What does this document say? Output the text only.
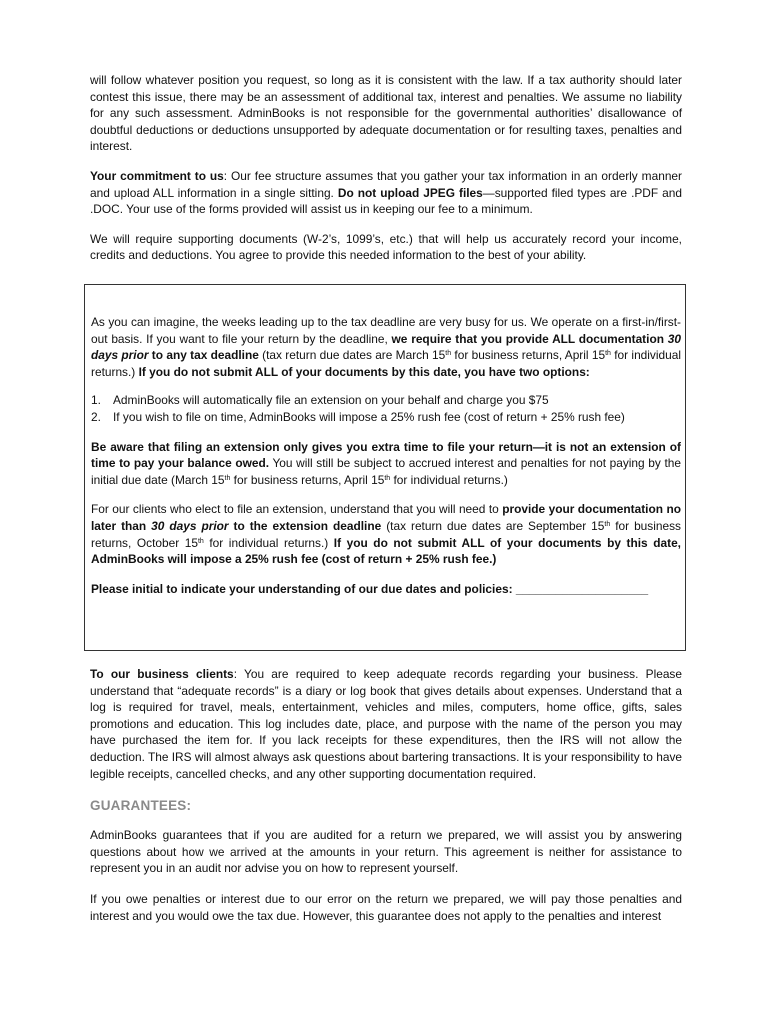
will follow whatever position you request, so long as it is consistent with the law. If a tax authority should later contest this issue, there may be an assessment of additional tax, interest and penalties. We assume no liability for any such assessment. AdminBooks is not responsible for the governmental authorities’ disallowance of doubtful deductions or deductions unsupported by adequate documentation or for resulting taxes, penalties and interest.

Your commitment to us: Our fee structure assumes that you gather your tax information in an orderly manner and upload ALL information in a single sitting. Do not upload JPEG files—supported filed types are .PDF and .DOC. Your use of the forms provided will assist us in keeping our fee to a minimum.

We will require supporting documents (W-2’s, 1099’s, etc.) that will help us accurately record your income, credits and deductions. You agree to provide this needed information to the best of your ability.

As you can imagine, the weeks leading up to the tax deadline are very busy for us. We operate on a first-in/first-out basis. If you want to file your return by the deadline, we require that you provide ALL documentation 30 days prior to any tax deadline (tax return due dates are March 15th for business returns, April 15th for individual returns.) If you do not submit ALL of your documents by this date, you have two options:

1. AdminBooks will automatically file an extension on your behalf and charge you $75
2. If you wish to file on time, AdminBooks will impose a 25% rush fee (cost of return + 25% rush fee)

Be aware that filing an extension only gives you extra time to file your return—it is not an extension of time to pay your balance owed. You will still be subject to accrued interest and penalties for not paying by the initial due date (March 15th for business returns, April 15th for individual returns.)

For our clients who elect to file an extension, understand that you will need to provide your documentation no later than 30 days prior to the extension deadline (tax return due dates are September 15th for business returns, October 15th for individual returns.) If you do not submit ALL of your documents by this date, AdminBooks will impose a 25% rush fee (cost of return + 25% rush fee.)

Please initial to indicate your understanding of our due dates and policies: ____________________

To our business clients: You are required to keep adequate records regarding your business. Please understand that “adequate records” is a diary or log book that gives details about expenses. Understand that a log is required for travel, meals, entertainment, vehicles and miles, computers, home office, gifts, sales promotions and education. This log includes date, place, and purpose with the name of the person you may have purchased the item for. If you lack receipts for these expenditures, then the IRS will not allow the deduction. The IRS will almost always ask questions about bartering transactions. It is your responsibility to have legible receipts, cancelled checks, and any other supporting documentation required.

GUARANTEES:

AdminBooks guarantees that if you are audited for a return we prepared, we will assist you by answering questions about how we arrived at the amounts in your return. This agreement is neither for assistance to represent you in an audit nor advise you on how to represent yourself.

If you owe penalties or interest due to our error on the return we prepared, we will pay those penalties and interest and you would owe the tax due. However, this guarantee does not apply to the penalties and interest
